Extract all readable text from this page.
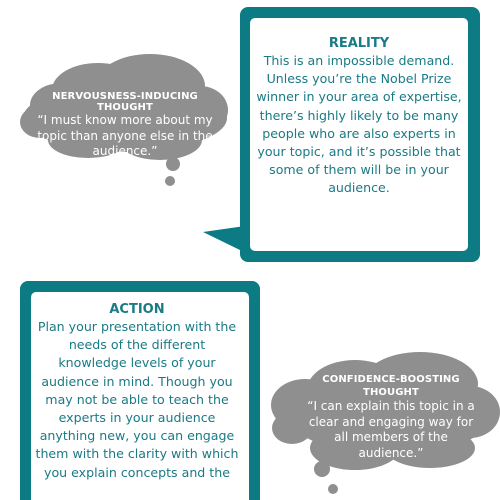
NERVOUSNESS-INDUCING THOUGHT
“I must know more about my topic than anyone else in the audience.”
REALITY
This is an impossible demand. Unless you’re the Nobel Prize winner in your area of expertise, there’s highly likely to be many people who are also experts in your topic, and it’s possible that some of them will be in your audience.
ACTION
Plan your presentation with the needs of the different knowledge levels of your audience in mind. Though you may not be able to teach the experts in your audience anything new, you can engage them with the clarity with which you explain concepts and the
CONFIDENCE-BOOSTING THOUGHT
“I can explain this topic in a clear and engaging way for all members of the audience.”
